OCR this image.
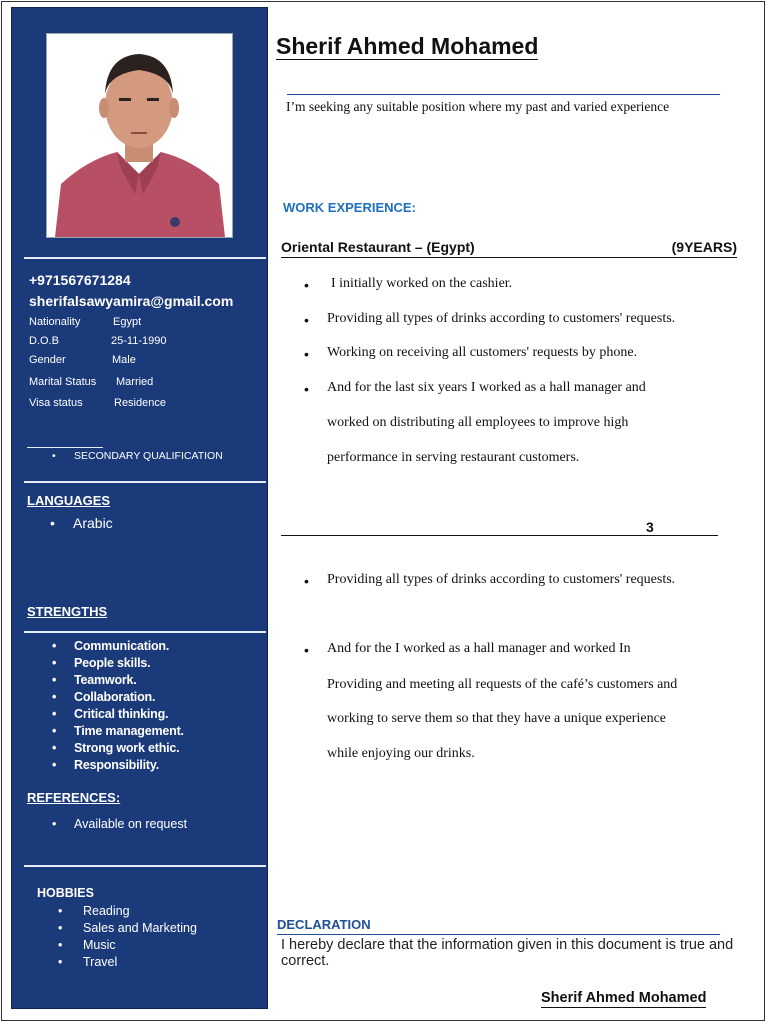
+971567671284
sherifalsawyamira@gmail.com
Nationality	Egypt
D.O.B	25-11-1990
Gender	Male
Marital Status Married
Visa status	Residence
• SECONDARY QUALIFICATION
LANGUAGES
• Arabic
STRENGTHS
• Communication.
• People skills.
• Teamwork.
• Collaboration.
• Critical thinking.
• Time management.
• Strong work ethic.
• Responsibility.
REFERENCES:
• Available on request
HOBBIES
• Reading
• Sales and Marketing
• Music
• Travel
Sherif Ahmed Mohamed
I’m seeking any suitable position where my past and varied experience
WORK EXPERIENCE:
Oriental Restaurant – (Egypt)	(9YEARS)
• I initially worked on the cashier.
• Providing all types of drinks according to customers' requests.
• Working on receiving all customers' requests by phone.
• And for the last six years I worked as a hall manager and
worked on distributing all employees to improve high
performance in serving restaurant customers.
3
• Providing all types of drinks according to customers' requests.
• And for the I worked as a hall manager and worked In
Providing and meeting all requests of the café’s customers and
working to serve them so that they have a unique experience
while enjoying our drinks.
DECLARATION
I hereby declare that the information given in this document is true and correct.
Sherif Ahmed Mohamed
